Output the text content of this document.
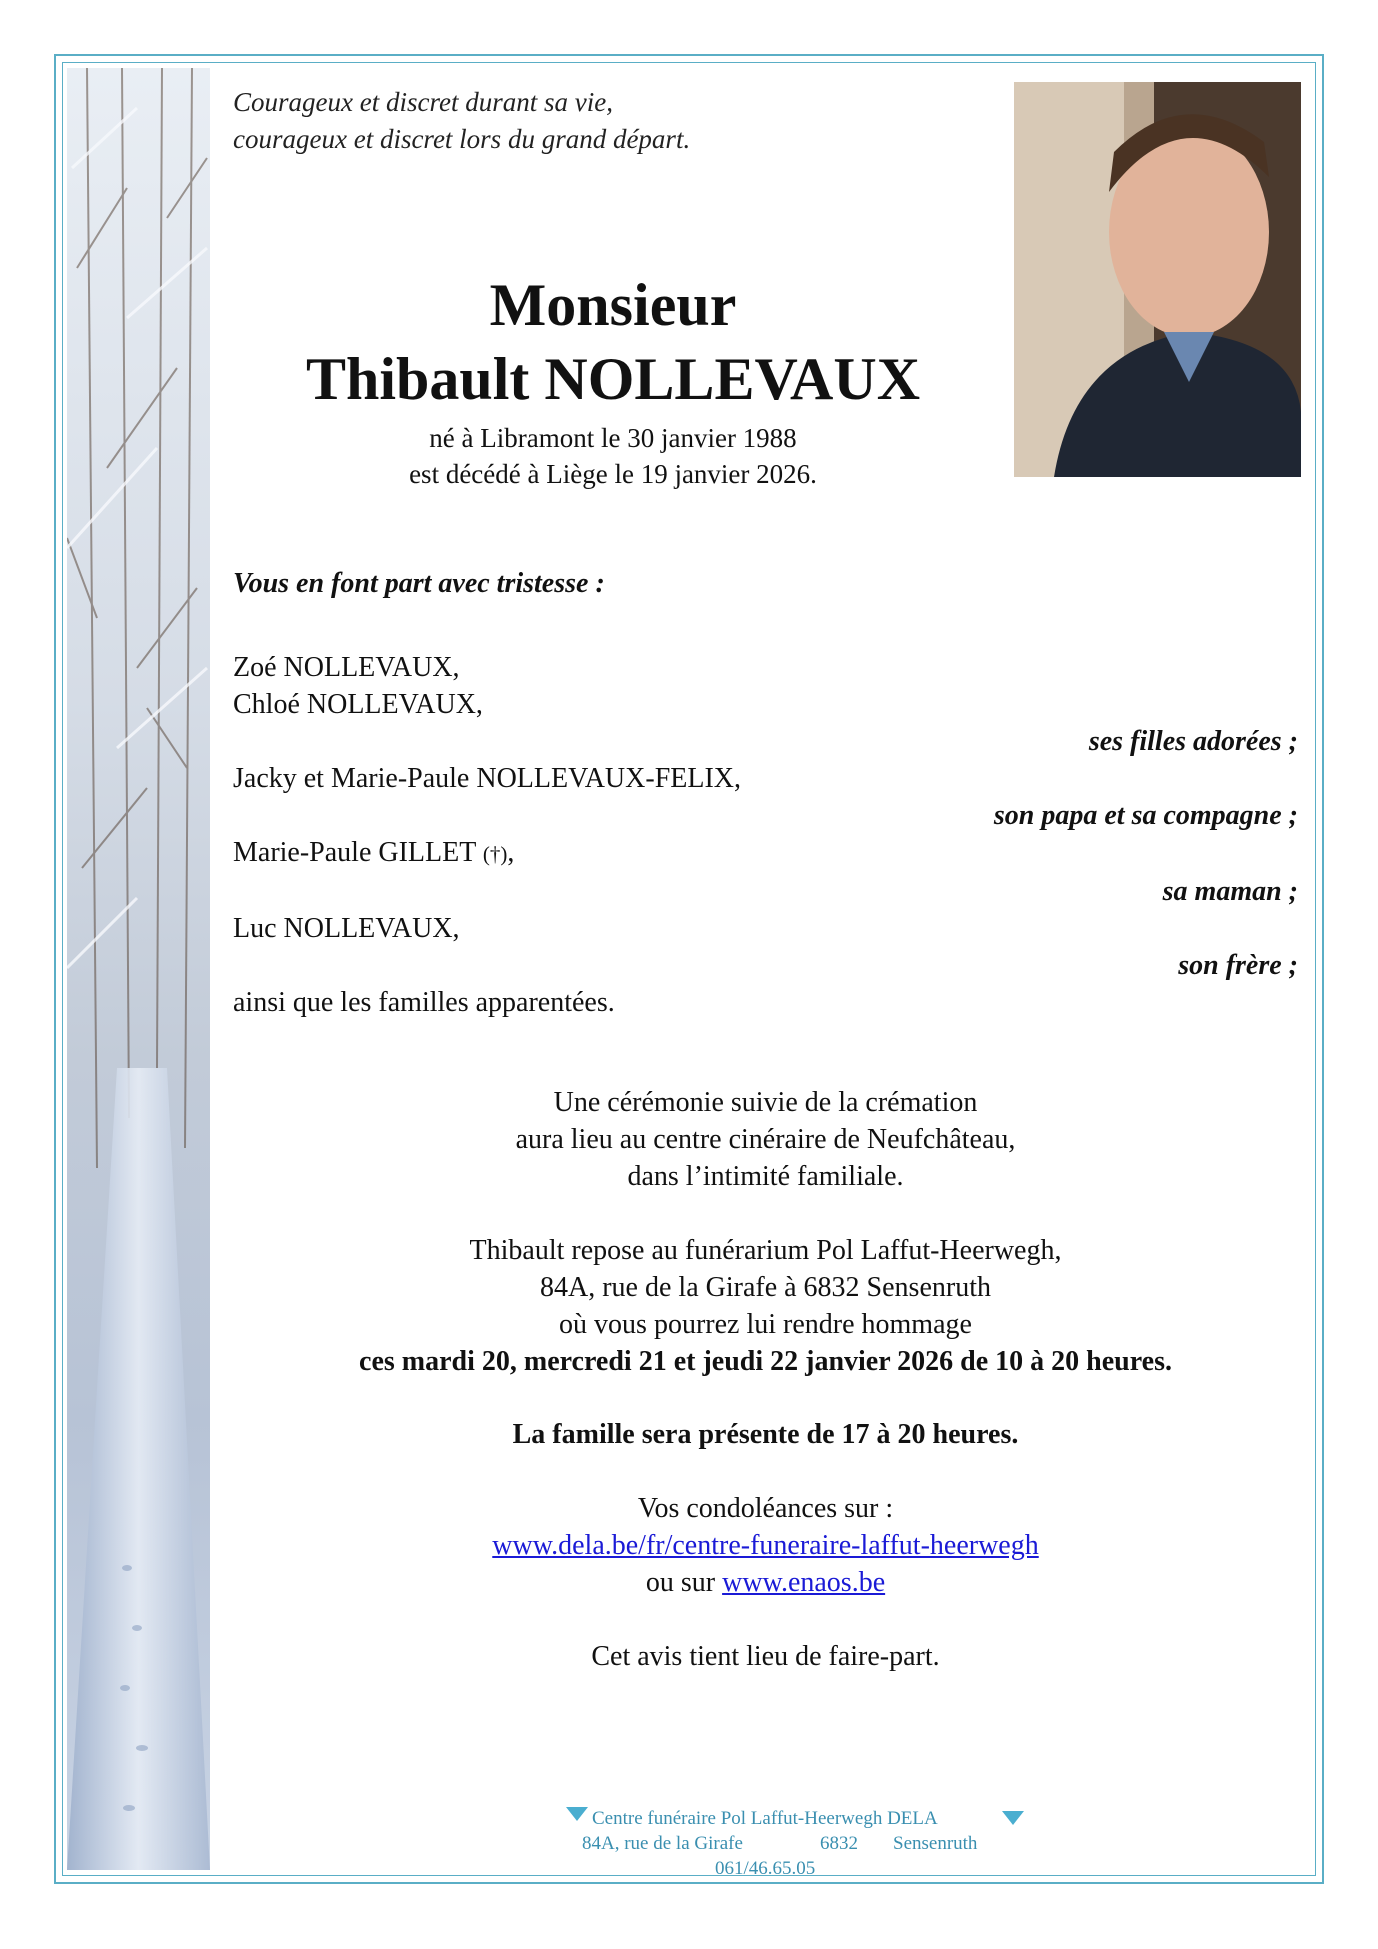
Courageux et discret durant sa vie,
courageux et discret lors du grand départ.
Monsieur
Thibault NOLLEVAUX
né à Libramont le 30 janvier 1988
est décédé à Liège le 19 janvier 2026.
Vous en font part avec tristesse :
Zoé NOLLEVAUX,
Chloé NOLLEVAUX,
ses filles adorées ;
Jacky et Marie-Paule NOLLEVAUX-FELIX,
son papa et sa compagne ;
Marie-Paule GILLET (†),
sa maman ;
Luc NOLLEVAUX,
son frère ;
ainsi que les familles apparentées.
Une cérémonie suivie de la crémation
aura lieu au centre cinéraire de Neufchâteau,
dans l’intimité familiale.
Thibault repose au funérarium Pol Laffut-Heerwegh,
84A, rue de la Girafe à 6832 Sensenruth
où vous pourrez lui rendre hommage
ces mardi 20, mercredi 21 et jeudi 22 janvier 2026 de 10 à 20 heures.
La famille sera présente de 17 à 20 heures.
Vos condoléances sur :
www.dela.be/fr/centre-funeraire-laffut-heerwegh
ou sur www.enaos.be
Cet avis tient lieu de faire-part.
Centre funéraire Pol Laffut-Heerwegh DELA
84A, rue de la Girafe	6832 Sensenruth
061/46.65.05
